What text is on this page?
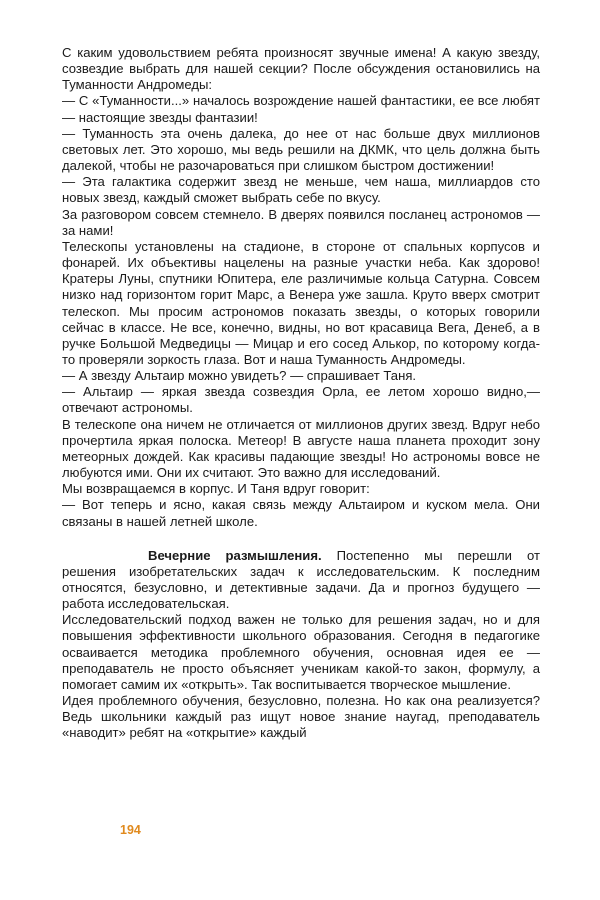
С каким удовольствием ребята произносят звучные имена! А какую звезду, созвездие выбрать для нашей секции? После обсуждения остановились на Туманности Андромеды:

— С «Туманности...» началось возрождение нашей фантастики, ее все любят — настоящие звезды фантазии!

— Туманность эта очень далека, до нее от нас больше двух миллионов световых лет. Это хорошо, мы ведь решили на ДКМК, что цель должна быть далекой, чтобы не разочароваться при слишком быстром достижении!

— Эта галактика содержит звезд не меньше, чем наша, миллиардов сто новых звезд, каждый сможет выбрать себе по вкусу.

За разговором совсем стемнело. В дверях появился посланец астрономов — за нами!

Телескопы установлены на стадионе, в стороне от спальных корпусов и фонарей. Их объективы нацелены на разные участки неба. Как здорово! Кратеры Луны, спутники Юпитера, еле различимые кольца Сатурна. Совсем низко над горизонтом горит Марс, а Венера уже зашла. Круто вверх смотрит телескоп. Мы просим астрономов показать звезды, о которых говорили сейчас в классе. Не все, конечно, видны, но вот красавица Вега, Денеб, а в ручке Большой Медведицы — Мицар и его сосед Алькор, по которому когда-то проверяли зоркость глаза. Вот и наша Туманность Андромеды.

— А звезду Альтаир можно увидеть? — спрашивает Таня.

— Альтаир — яркая звезда созвездия Орла, ее летом хорошо видно,— отвечают астрономы.

В телескопе она ничем не отличается от миллионов других звезд. Вдруг небо прочертила яркая полоска. Метеор! В августе наша планета проходит зону метеорных дождей. Как красивы падающие звезды! Но астрономы вовсе не любуются ими. Они их считают. Это важно для исследований.

Мы возвращаемся в корпус. И Таня вдруг говорит:

— Вот теперь и ясно, какая связь между Альтаиром и куском мела. Они связаны в нашей летней школе.

Вечерние размышления. Постепенно мы перешли от решения изобретательских задач к исследовательским. К последним относятся, безусловно, и детективные задачи. Да и прогноз будущего — работа исследовательская.

Исследовательский подход важен не только для решения задач, но и для повышения эффективности школьного образования. Сегодня в педагогике осваивается методика проблемного обучения, основная идея ее — преподаватель не просто объясняет ученикам какой-то закон, формулу, а помогает самим их «открыть». Так воспитывается творческое мышление.

Идея проблемного обучения, безусловно, полезна. Но как она реализуется? Ведь школьники каждый раз ищут новое знание наугад, преподаватель «наводит» ребят на «открытие» каждый

194
